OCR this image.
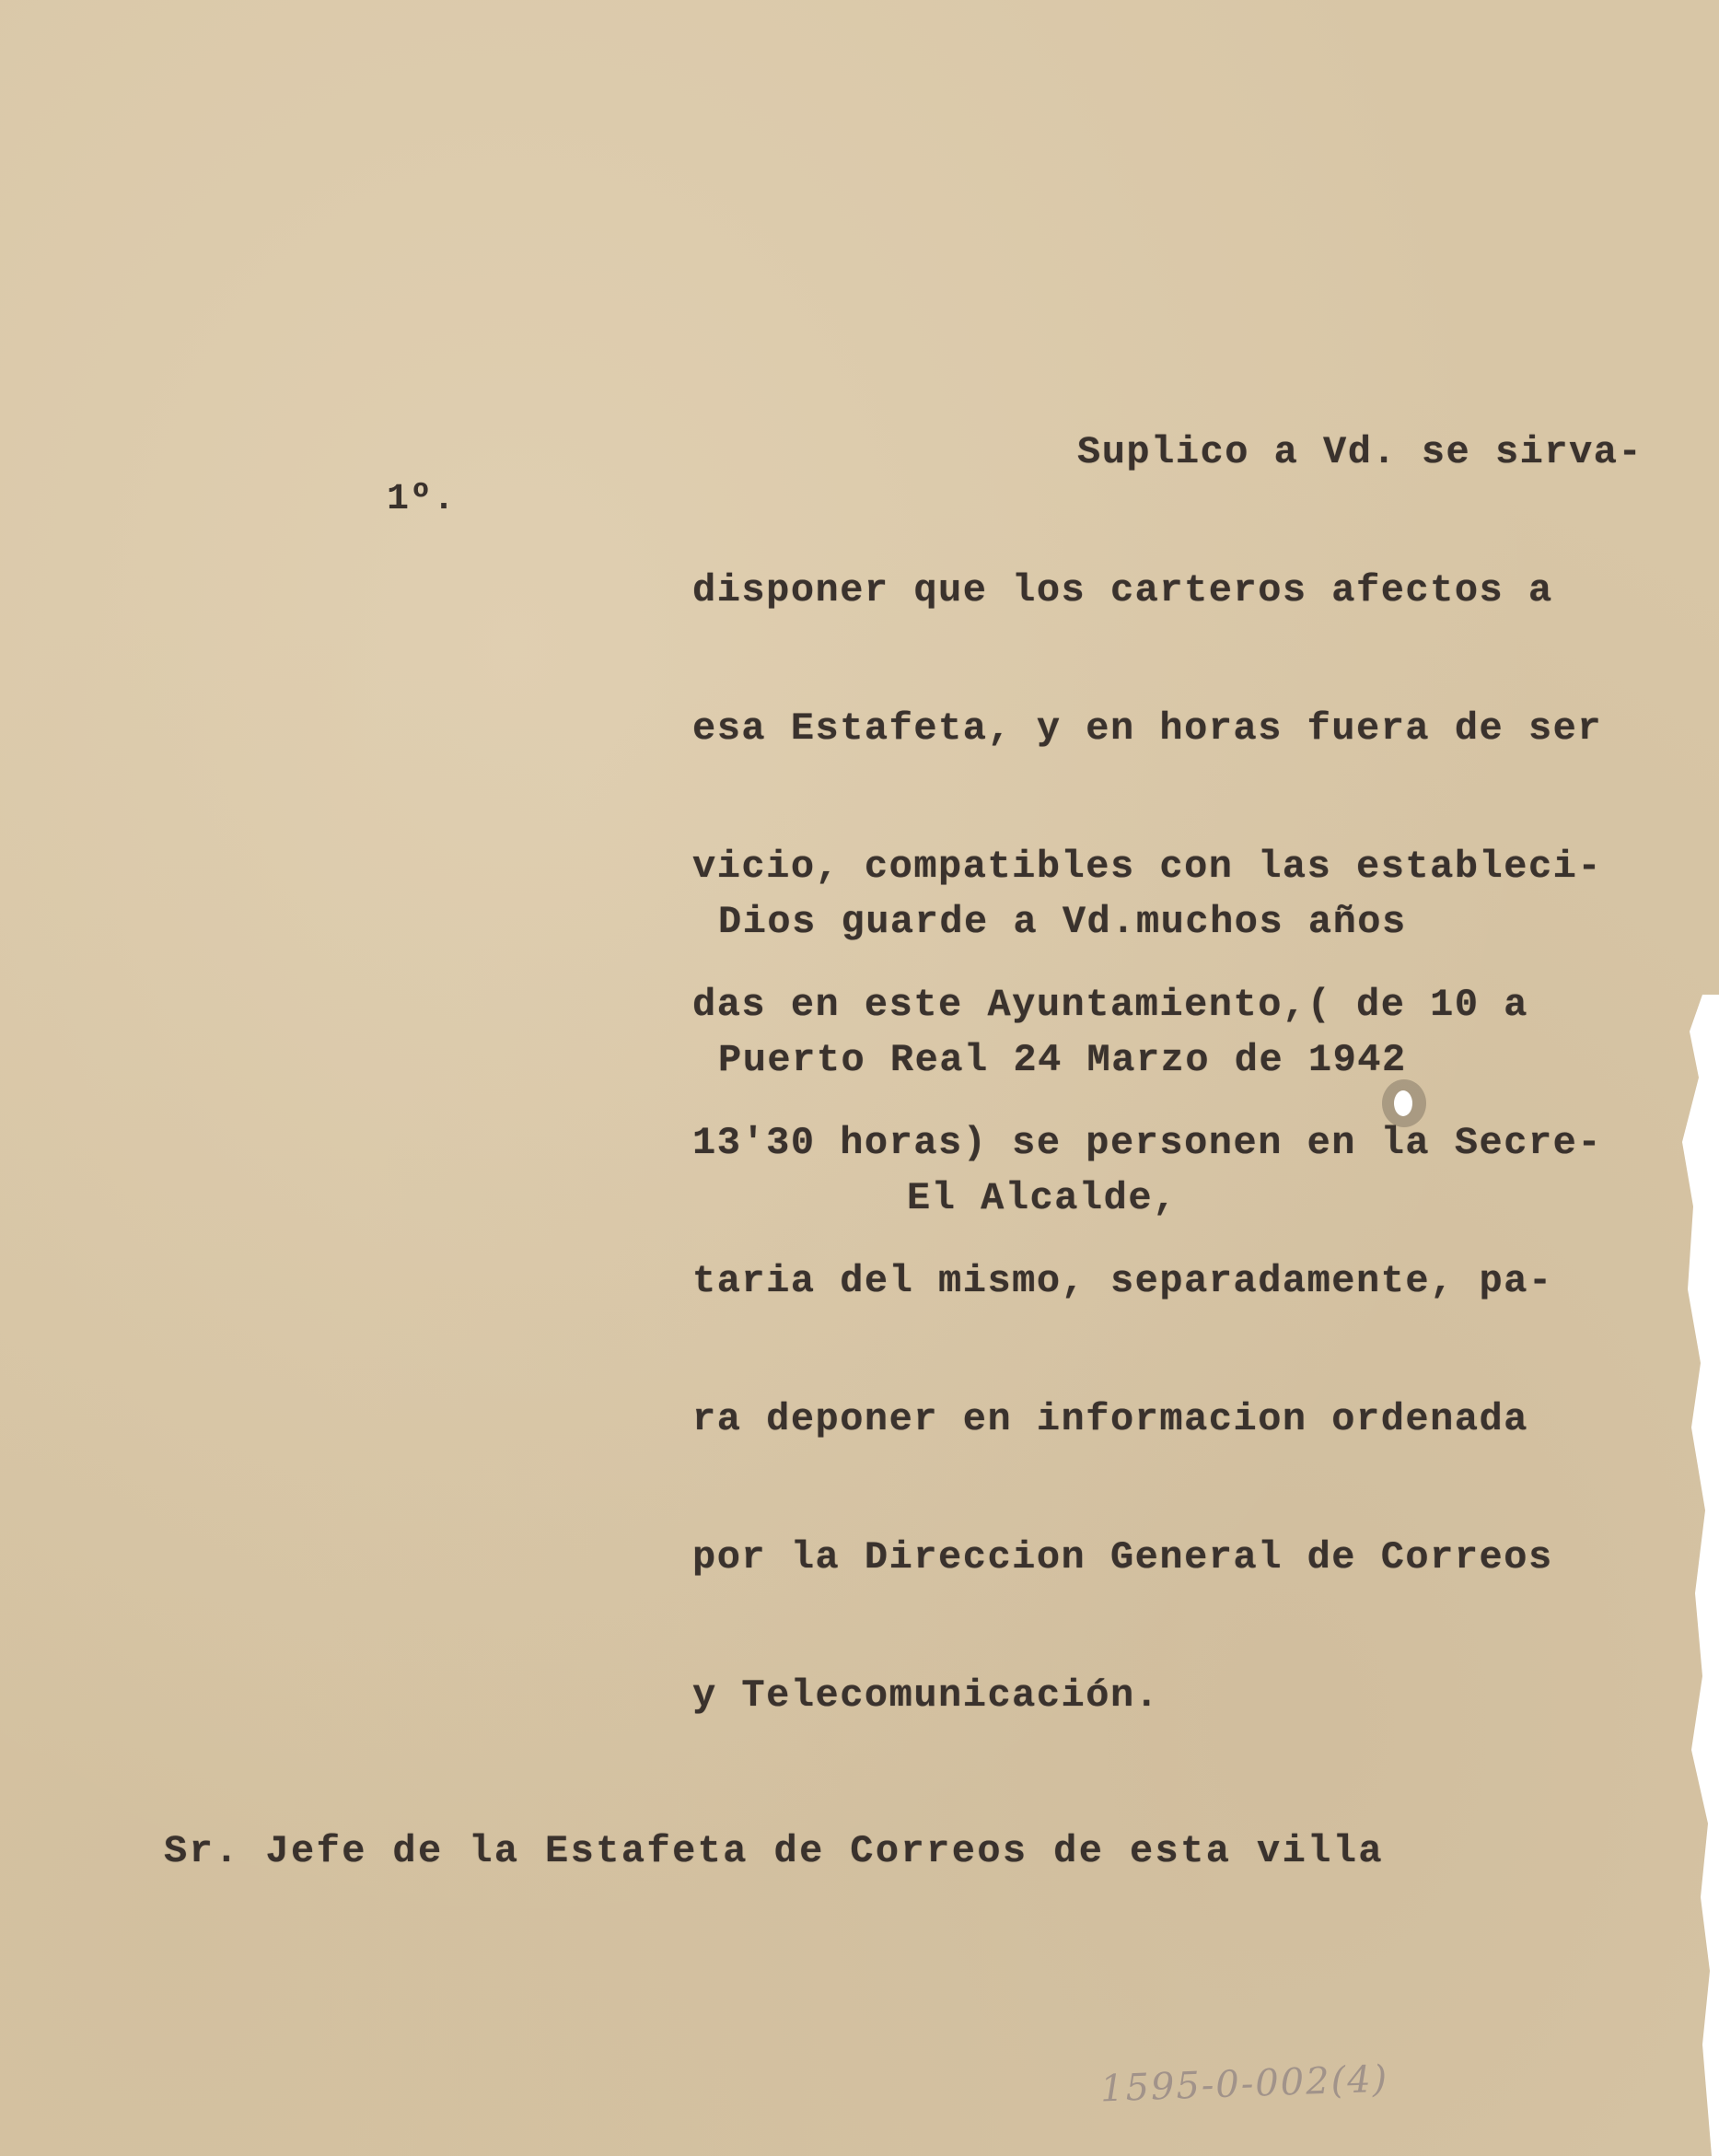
1º.

Suplico a Vd. se sirva-

disponer que los carteros afectos a

esa Estafeta, y en horas fuera de ser

vicio, compatibles con las estableci-

das en este Ayuntamiento,( de 10 a

13'30 horas) se personen en la Secre-

taria del mismo, separadamente, pa-

ra deponer en informacion ordenada

por la Direccion General de Correos

y Telecomunicación.

Dios guarde a Vd.muchos años

Puerto Real 24 Marzo de 1942

El Alcalde,

Sr. Jefe de la Estafeta de Correos de esta villa
1595-0-002(4)
